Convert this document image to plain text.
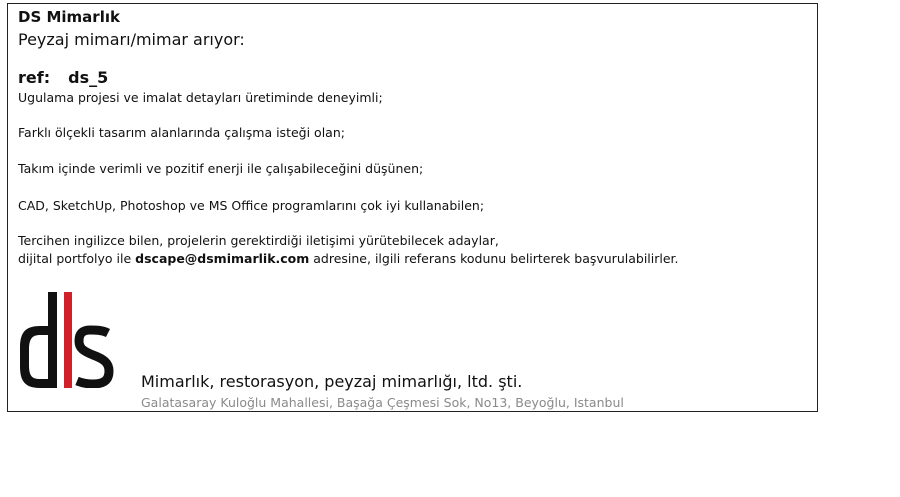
DS Mimarlık
Peyzaj mimarı/mimar arıyor:
ref: ds_5
Ugulama projesi ve imalat detayları üretiminde deneyimli;
Farklı ölçekli tasarım alanlarında çalışma isteği olan;
Takım içinde verimli ve pozitif enerji ile çalışabileceğini düşünen;
CAD, SketchUp, Photoshop ve MS Office programlarını çok iyi kullanabilen;
Tercihen ingilizce bilen, projelerin gerektirdiği iletişimi yürütebilecek adaylar,
dijital portfolyo ile dscape@dsmimarlik.com adresine, ilgili referans kodunu belirterek başvurulabilirler.
Mimarlık, restorasyon, peyzaj mimarlığı, ltd. şti.
Galatasaray Kuloğlu Mahallesi, Başağa Çeşmesi Sok, No13, Beyoğlu, Istanbul
